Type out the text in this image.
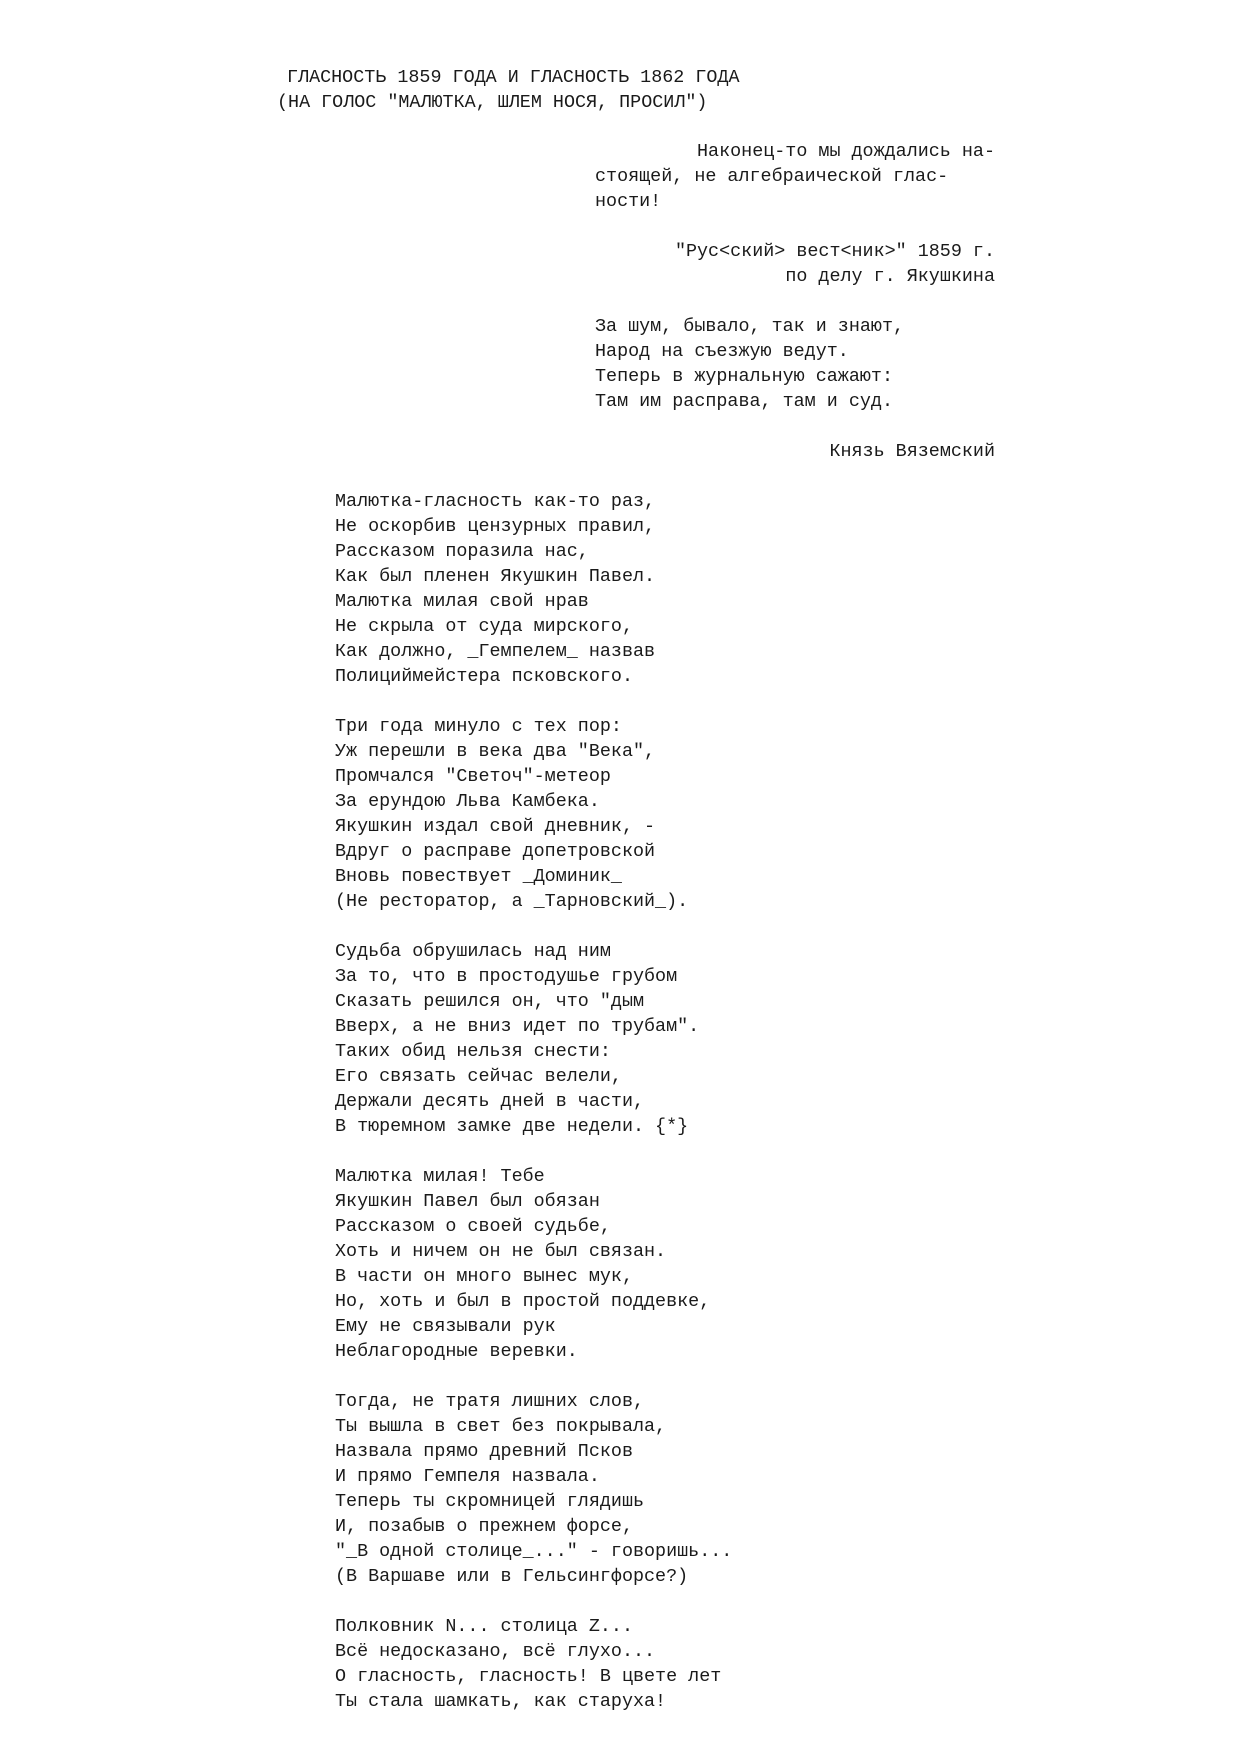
ГЛАСНОСТЬ 1859 ГОДА И ГЛАСНОСТЬ 1862 ГОДА
(НА ГОЛОС "МАЛЮТКА, ШЛЕМ НОСЯ, ПРОСИЛ")
Наконец-то мы дождались на-
стоящей, не алгебраической глас-
ности!
"Рус<ский> вест<ник>" 1859 г.
по делу г. Якушкина
За шум, бывало, так и знают,
Народ на съезжую ведут.
Теперь в журнальную сажают:
Там им расправа, там и суд.
Князь Вяземский
Малютка-гласность как-то раз,
Не оскорбив цензурных правил,
Рассказом поразила нас,
Как был пленен Якушкин Павел.
Малютка милая свой нрав
Не скрыла от суда мирского,
Как должно, _Гемпелем_ назвав
Полициймейстера псковского.
Три года минуло с тех пор:
Уж перешли в века два "Века",
Промчался "Светоч"-метеор
За ерундою Льва Камбека.
Якушкин издал свой дневник, -
Вдруг о расправе допетровской
Вновь повествует _Доминик_
(Не ресторатор, а _Тарновский_).
Судьба обрушилась над ним
За то, что в простодушье грубом
Сказать решился он, что "дым
Вверх, а не вниз идет по трубам".
Таких обид нельзя снести:
Его связать сейчас велели,
Держали десять дней в части,
В тюремном замке две недели. {*}
Малютка милая! Тебе
Якушкин Павел был обязан
Рассказом о своей судьбе,
Хоть и ничем он не был связан.
В части он много вынес мук,
Но, хоть и был в простой поддевке,
Ему не связывали рук
Неблагородные веревки.
Тогда, не тратя лишних слов,
Ты вышла в свет без покрывала,
Назвала прямо древний Псков
И прямо Гемпеля назвала.
Теперь ты скромницей глядишь
И, позабыв о прежнем форсе,
"_В одной столице_..." - говоришь...
(В Варшаве или в Гельсингфорсе?)
Полковник N... столица Z...
Всё недосказано, всё глухо...
О гласность, гласность! В цвете лет
Ты стала шамкать, как старуха!
